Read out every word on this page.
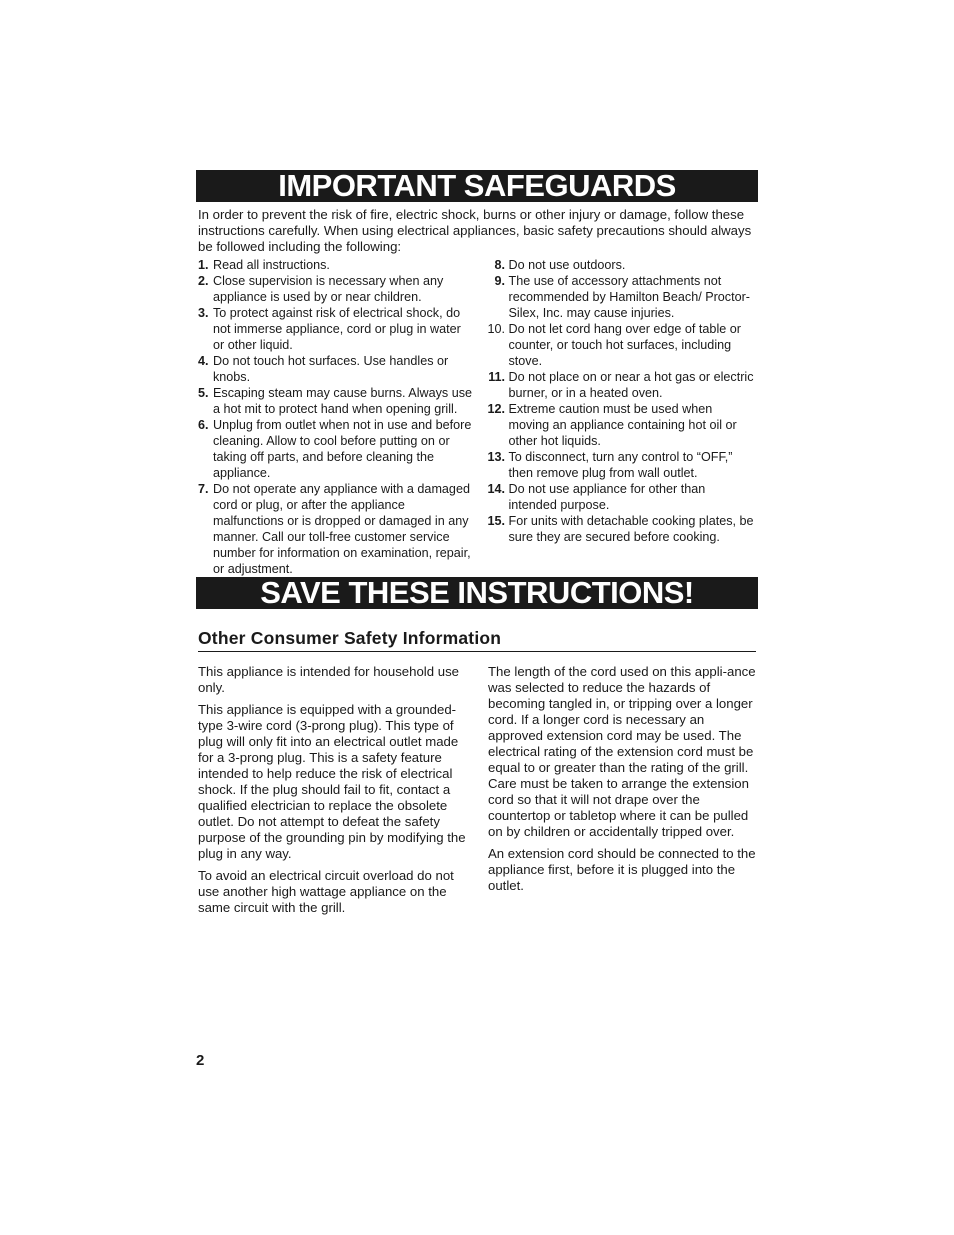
IMPORTANT SAFEGUARDS
In order to prevent the risk of fire, electric shock, burns or other injury or damage, follow these instructions carefully. When using electrical appliances, basic safety precautions should always be followed including the following:
1. Read all instructions.
2. Close supervision is necessary when any appliance is used by or near children.
3. To protect against risk of electrical shock, do not immerse appliance, cord or plug in water or other liquid.
4. Do not touch hot surfaces. Use handles or knobs.
5. Escaping steam may cause burns. Always use a hot mit to protect hand when opening grill.
6. Unplug from outlet when not in use and before cleaning. Allow to cool before putting on or taking off parts, and before cleaning the appliance.
7. Do not operate any appliance with a damaged cord or plug, or after the appliance malfunctions or is dropped or damaged in any manner. Call our toll-free customer service number for information on examination, repair, or adjustment.
8.
Do not use outdoors.
9.
The use of accessory attachments not recommended by Hamilton Beach/ Proctor-Silex, Inc. may cause injuries.
10.
Do not let cord hang over edge of table or counter, or touch hot surfaces, including stove.
11.
Do not place on or near a hot gas or electric burner, or in a heated oven.
12.
Extreme caution must be used when moving an appliance containing hot oil or other hot liquids.
13.
To disconnect, turn any control to “OFF,” then remove plug from wall outlet.
14.
Do not use appliance for other than intended purpose.
15.
For units with detachable cooking plates, be sure they are secured before cooking.
SAVE THESE INSTRUCTIONS!
Other Consumer Safety Information

This appliance is intended for household use only.

This appliance is equipped with a grounded-type 3-wire cord (3-prong plug). This type of plug will only fit into an electrical outlet made for a 3-prong plug. This is a safety feature intended to help reduce the risk of electrical shock. If the plug should fail to fit, contact a qualified electrician to replace the obsolete outlet. Do not attempt to defeat the safety purpose of the grounding pin by modifying the plug in any way.

To avoid an electrical circuit overload do not use another high wattage appliance on the same circuit with the grill.

The length of the cord used on this appli-ance was selected to reduce the hazards of becoming tangled in, or tripping over a longer cord. If a longer cord is necessary an approved extension cord may be used. The electrical rating of the extension cord must be equal to or greater than the rating of the grill. Care must be taken to arrange the extension cord so that it will not drape over the countertop or tabletop where it can be pulled on by children or accidentally tripped over.

An extension cord should be connected to the appliance first, before it is plugged into the outlet.

2
